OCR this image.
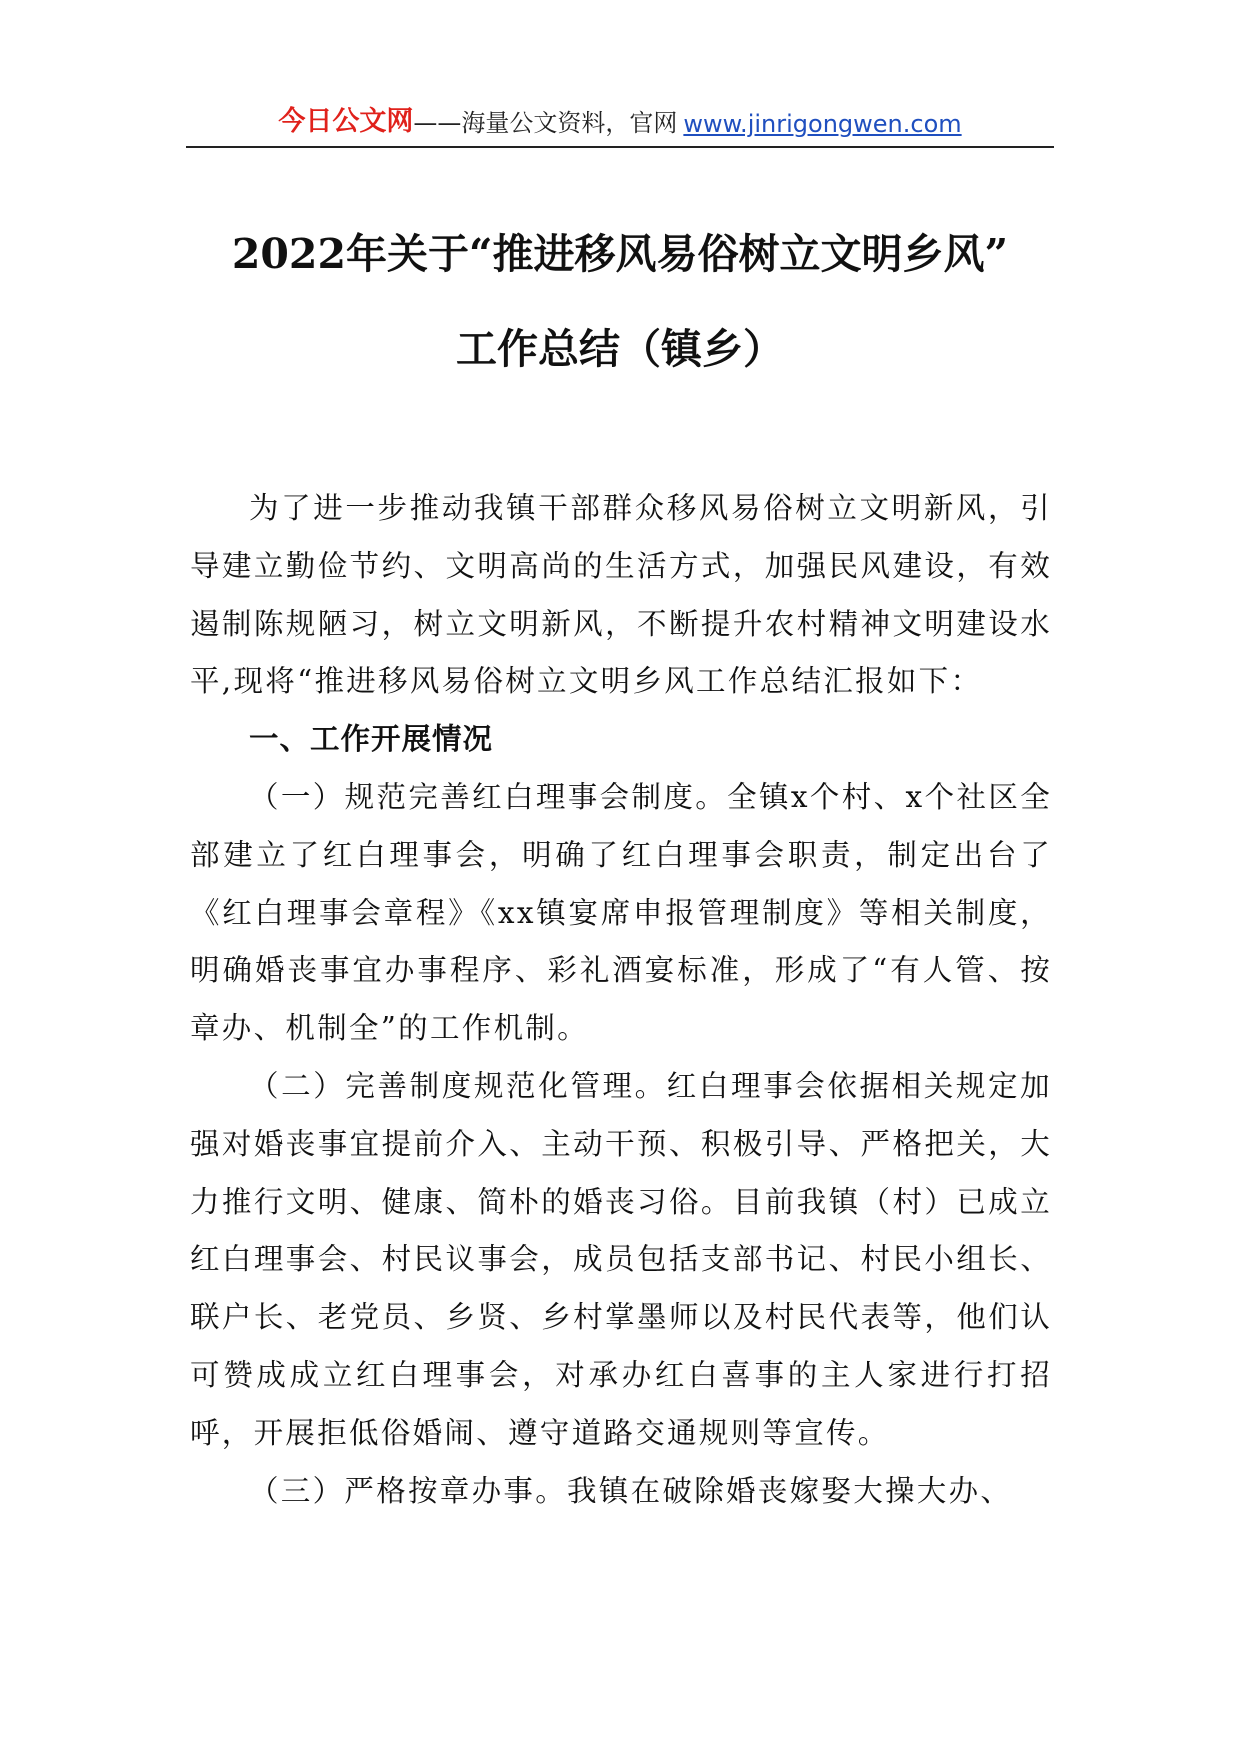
今日公文网 ——海量公文资料，官网 www.jinrigongwen.com
2022年关于“推进移风易俗树立文明乡风”
工作总结（镇乡）

为了进一步推动我镇干部群众移风易俗树立文明新风，引导建立勤俭节约、文明高尚的生活方式，加强民风建设，有效遏制陈规陋习，树立文明新风，不断提升农村精神文明建设水平,现将“推进移风易俗树立文明乡风工作总结汇报如下：

一、工作开展情况

（一）规范完善红白理事会制度。全镇x个村、x个社区全部建立了红白理事会，明确了红白理事会职责，制定出台了《红白理事会章程》《xx镇宴席申报管理制度》等相关制度，明确婚丧事宜办事程序、彩礼酒宴标准，形成了“有人管、按章办、机制全”的工作机制。

（二）完善制度规范化管理。红白理事会依据相关规定加强对婚丧事宜提前介入、主动干预、积极引导、严格把关，大力推行文明、健康、简朴的婚丧习俗。目前我镇（村）已成立红白理事会、村民议事会，成员包括支部书记、村民小组长、联户长、老党员、乡贤、乡村掌墨师以及村民代表等，他们认可赞成成立红白理事会，对承办红白喜事的主人家进行打招呼，开展拒低俗婚闹、遵守道路交通规则等宣传。

（三）严格按章办事。我镇在破除婚丧嫁娶大操大办、
